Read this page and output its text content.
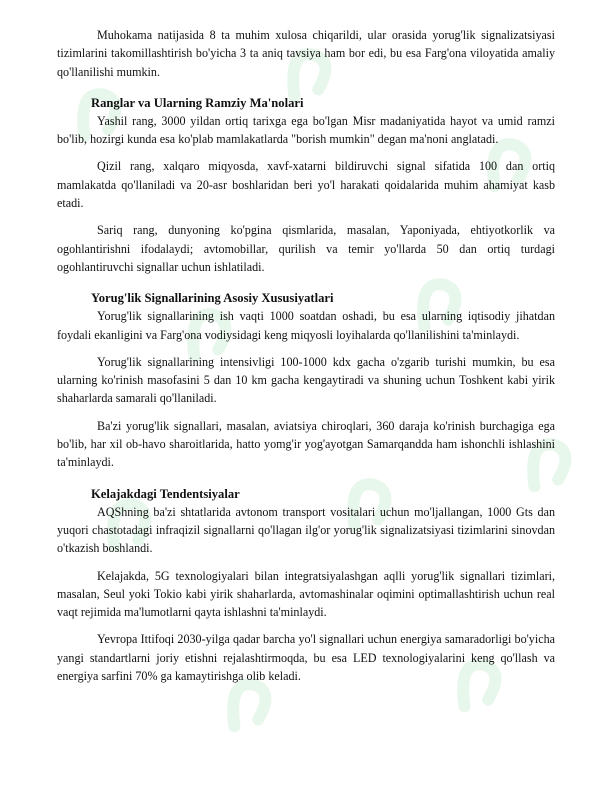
Muhokama natijasida 8 ta muhim xulosa chiqarildi, ular orasida yorug'lik signalizatsiyasi tizimlarini takomillashtirish bo'yicha 3 ta aniq tavsiya ham bor edi, bu esa Farg'ona viloyatida amaliy qo'llanilishi mumkin.

Ranglar va Ularning Ramziy Ma'nolari

Yashil rang, 3000 yildan ortiq tarixga ega bo'lgan Misr madaniyatida hayot va umid ramzi bo'lib, hozirgi kunda esa ko'plab mamlakatlarda "borish mumkin" degan ma'noni anglatadi.

Qizil rang, xalqaro miqyosda, xavf-xatarni bildiruvchi signal sifatida 100 dan ortiq mamlakatda qo'llaniladi va 20-asr boshlaridan beri yo'l harakati qoidalarida muhim ahamiyat kasb etadi.

Sariq rang, dunyoning ko'pgina qismlarida, masalan, Yaponiyada, ehtiyotkorlik va ogohlantirishni ifodalaydi; avtomobillar, qurilish va temir yo'llarda 50 dan ortiq turdagi ogohlantiruvchi signallar uchun ishlatiladi.

Yorug'lik Signallarining Asosiy Xususiyatlari

Yorug'lik signallarining ish vaqti 1000 soatdan oshadi, bu esa ularning iqtisodiy jihatdan foydali ekanligini va Farg'ona vodiysidagi keng miqyosli loyihalarda qo'llanilishini ta'minlaydi.

Yorug'lik signallarining intensivligi 100-1000 kdx gacha o'zgarib turishi mumkin, bu esa ularning ko'rinish masofasini 5 dan 10 km gacha kengaytiradi va shuning uchun Toshkent kabi yirik shaharlarda samarali qo'llaniladi.

Ba'zi yorug'lik signallari, masalan, aviatsiya chiroqlari, 360 daraja ko'rinish burchagiga ega bo'lib, har xil ob-havo sharoitlarida, hatto yomg'ir yog'ayotgan Samarqandda ham ishonchli ishlashini ta'minlaydi.

Kelajakdagi Tendentsiyalar

AQShning ba'zi shtatlarida avtonom transport vositalari uchun mo'ljallangan, 1000 Gts dan yuqori chastotadagi infraqizil signallarni qo'llagan ilg'or yorug'lik signalizatsiyasi tizimlarini sinovdan o'tkazish boshlandi.

Kelajakda, 5G texnologiyalari bilan integratsiyalashgan aqlli yorug'lik signallari tizimlari, masalan, Seul yoki Tokio kabi yirik shaharlarda, avtomashinalar oqimini optimallashtirish uchun real vaqt rejimida ma'lumotlarni qayta ishlashni ta'minlaydi.

Yevropa Ittifoqi 2030-yilga qadar barcha yo'l signallari uchun energiya samaradorligi bo'yicha yangi standartlarni joriy etishni rejalashtirmoqda, bu esa LED texnologiyalarini keng qo'llash va energiya sarfini 70% ga kamaytirishga olib keladi.
